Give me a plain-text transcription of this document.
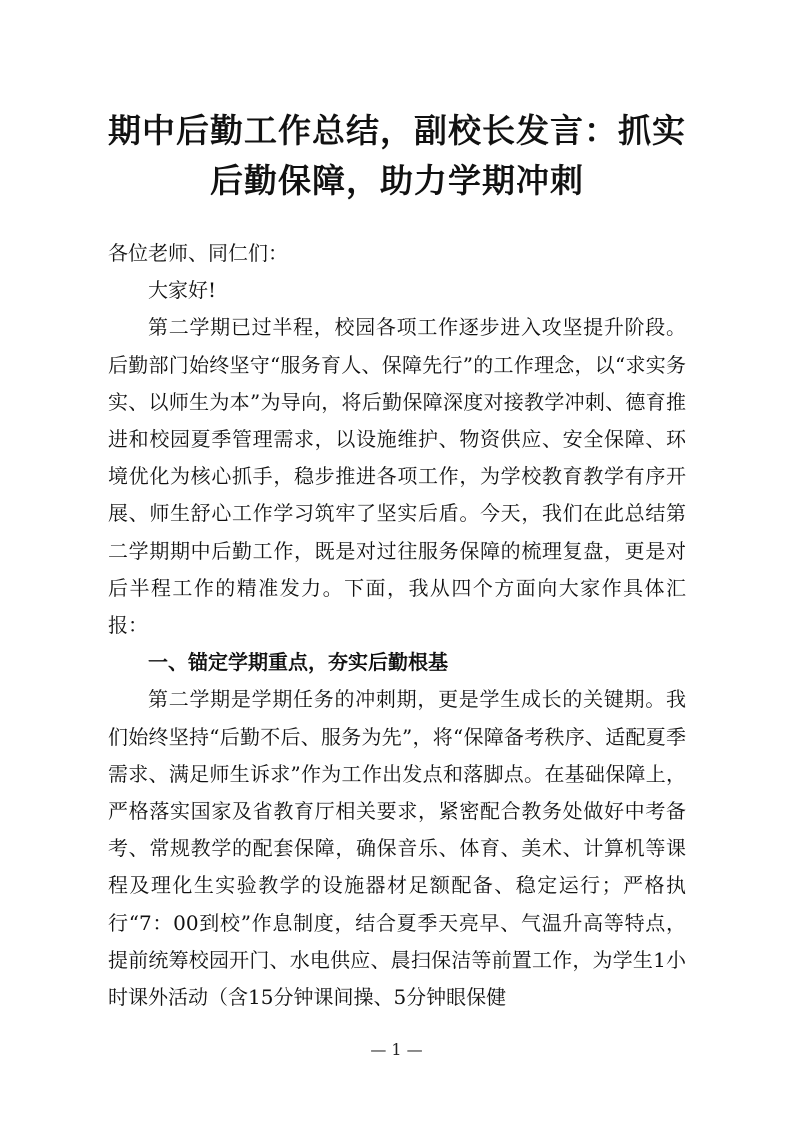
期中后勤工作总结，副校长发言：抓实后勤保障，助力学期冲刺

各位老师、同仁们：

大家好!

第二学期已过半程，校园各项工作逐步进入攻坚提升阶段。后勤部门始终坚守“服务育人、保障先行”的工作理念，以“求实务实、以师生为本”为导向，将后勤保障深度对接教学冲刺、德育推进和校园夏季管理需求，以设施维护、物资供应、安全保障、环境优化为核心抓手，稳步推进各项工作，为学校教育教学有序开展、师生舒心工作学习筑牢了坚实后盾。今天，我们在此总结第二学期期中后勤工作，既是对过往服务保障的梳理复盘，更是对后半程工作的精准发力。下面，我从四个方面向大家作具体汇报：

一、锚定学期重点，夯实后勤根基

第二学期是学期任务的冲刺期，更是学生成长的关键期。我们始终坚持“后勤不后、服务为先”，将“保障备考秩序、适配夏季需求、满足师生诉求”作为工作出发点和落脚点。在基础保障上，严格落实国家及省教育厅相关要求，紧密配合教务处做好中考备考、常规教学的配套保障，确保音乐、体育、美术、计算机等课程及理化生实验教学的设施器材足额配备、稳定运行；严格执行“7：00到校”作息制度，结合夏季天亮早、气温升高等特点，提前统筹校园开门、水电供应、晨扫保洁等前置工作，为学生1小时课外活动（含15分钟课间操、5分钟眼保健

— 1 —
